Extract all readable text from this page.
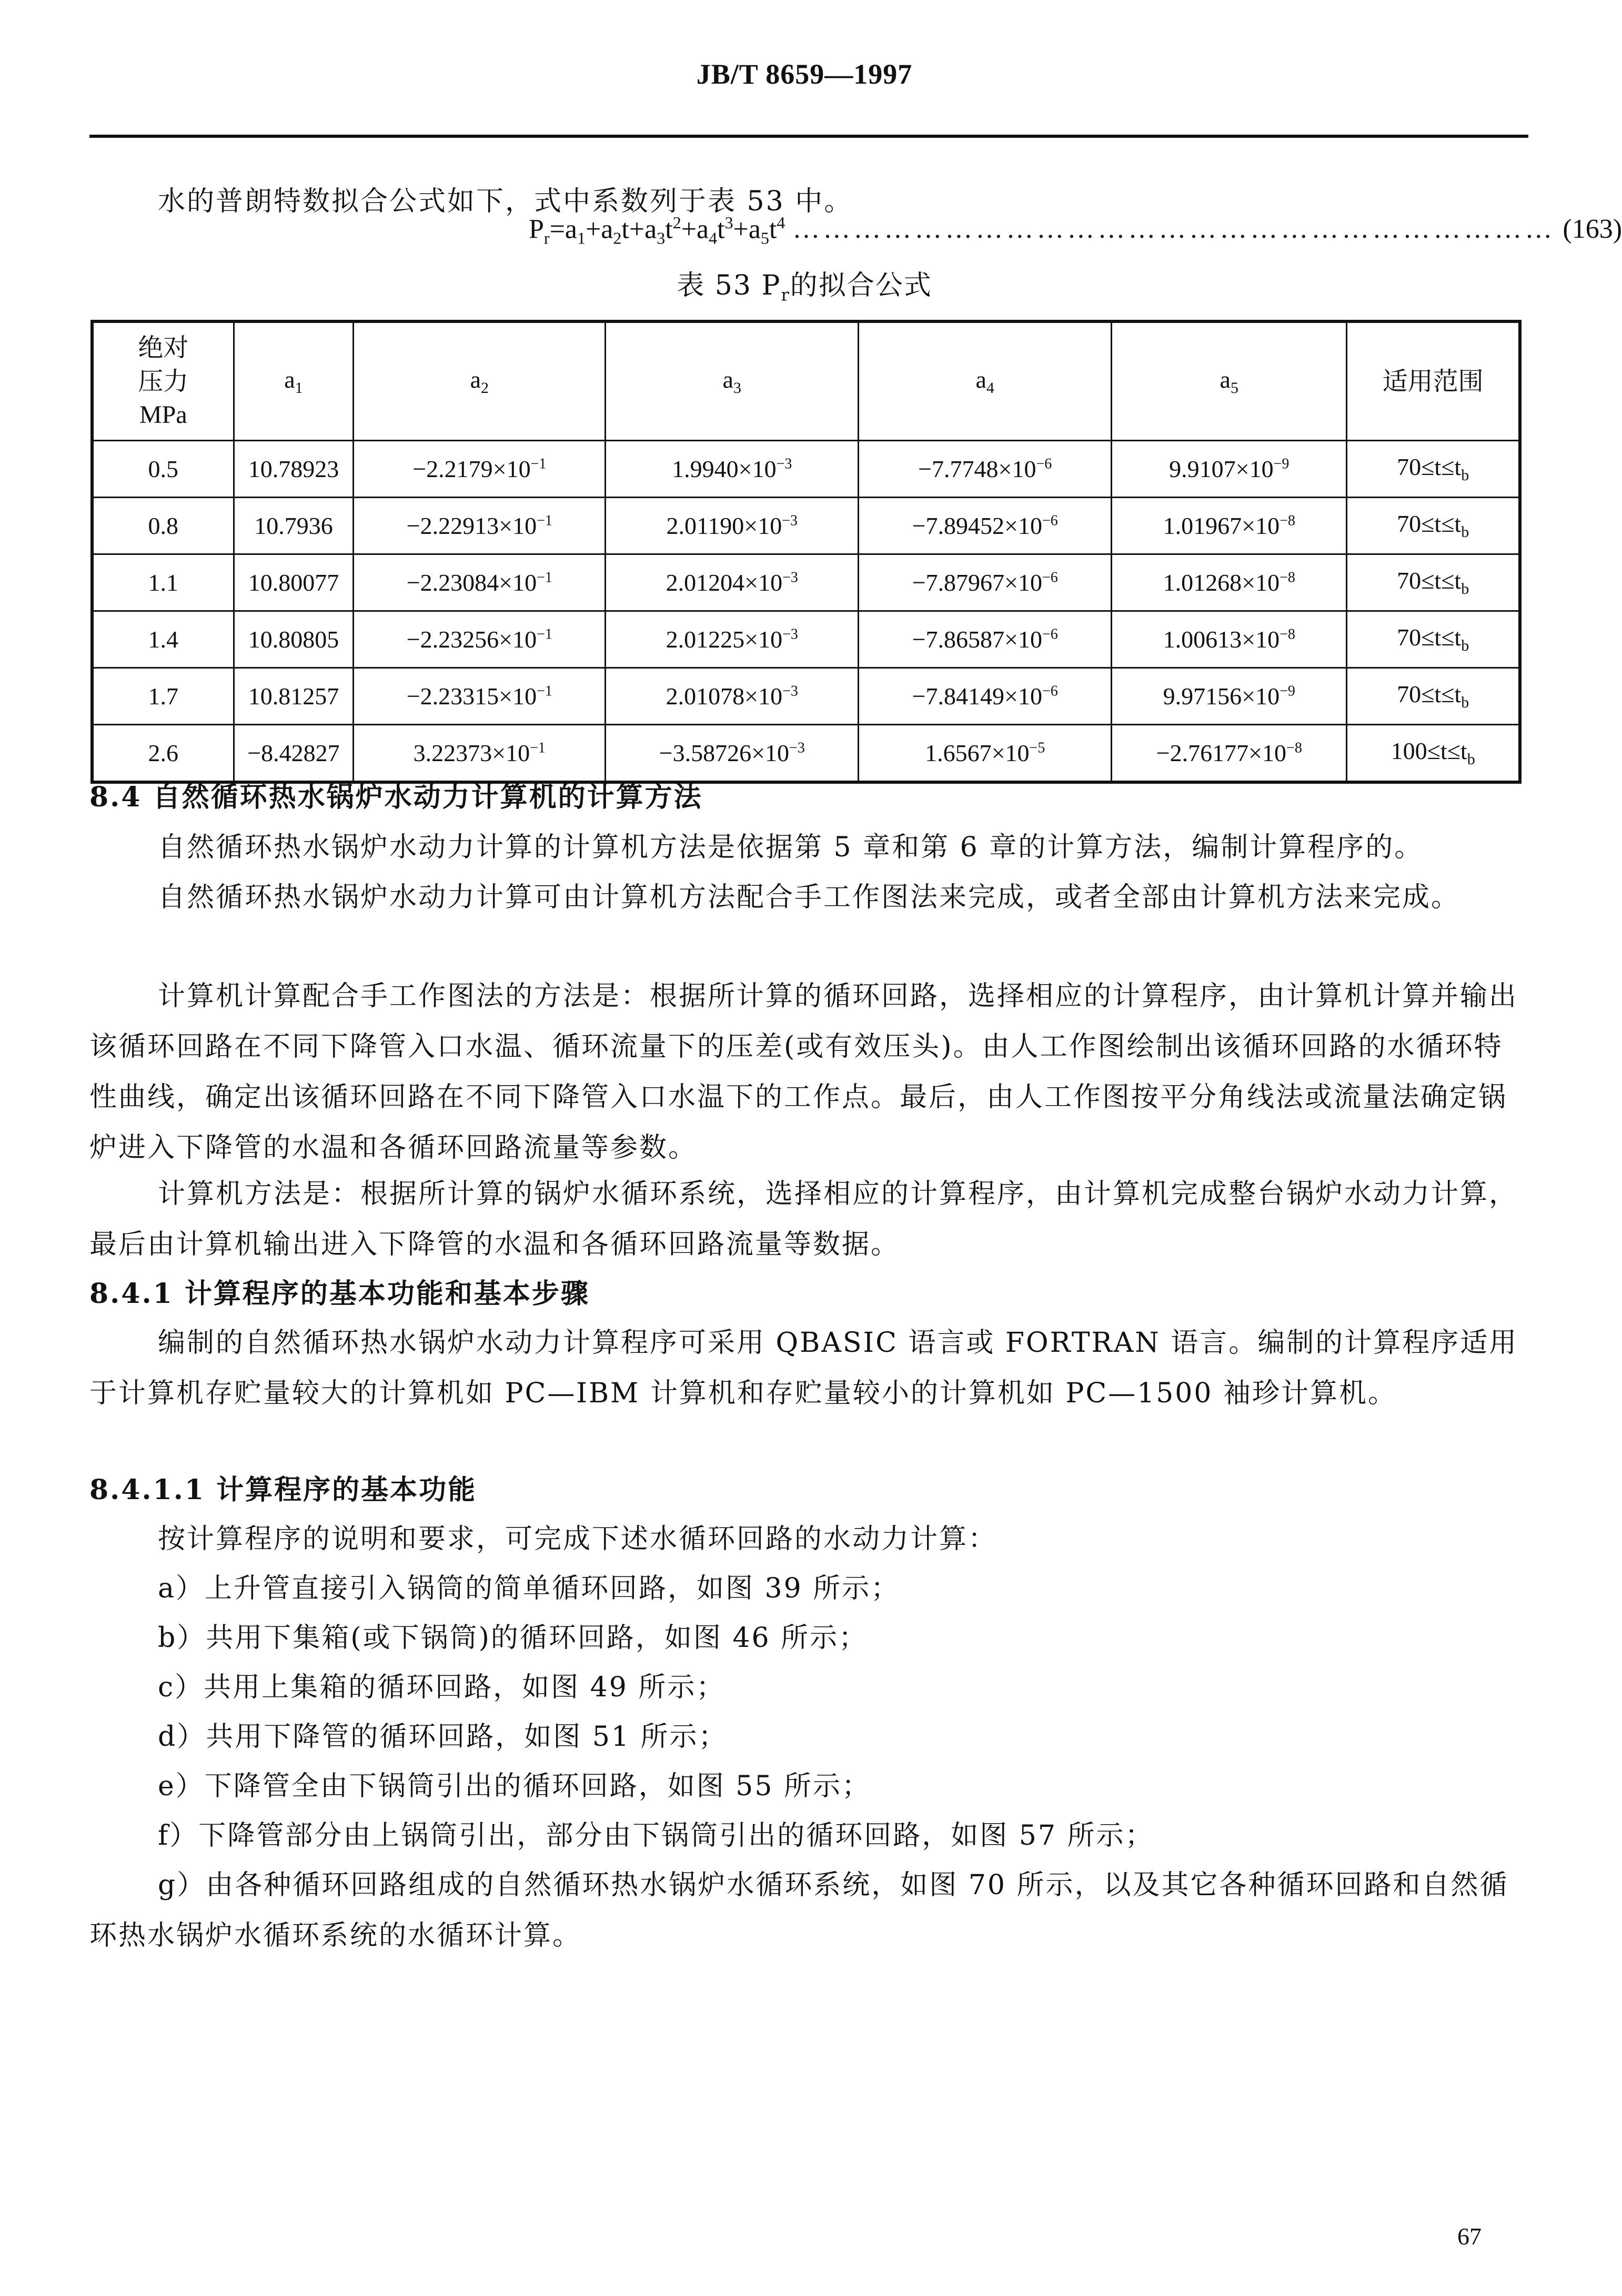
JB/T 8659—1997
水的普朗特数拟合公式如下，式中系数列于表 53 中。
$P_r=a_1+a_2t+a_3t^2+a_4t^3+a_5t^4$ ………………………………………………………………… (163)
表 53 $P_r$的拟合公式
绝对
压力
MPa	$a_1$	$a_2$	$a_3$	$a_4$	$a_5$	适用范围
0.5	10.78923	$-2.2179\times 10^{-1}$	$1.9940\times 10^{-3}$	$-7.7748\times 10^{-6}$	$9.9107\times 10^{-9}$	$70\le t\le t_b$
0.8	10.7936	$-2.22913\times 10^{-1}$	$2.01190\times 10^{-3}$	$-7.89452\times 10^{-6}$	$1.01967\times 10^{-8}$	$70\le t\le t_b$
1.1	10.80077	$-2.23084\times 10^{-1}$	$2.01204\times 10^{-3}$	$-7.87967\times 10^{-6}$	$1.01268\times 10^{-8}$	$70\le t\le t_b$
1.4	10.80805	$-2.23256\times 10^{-1}$	$2.01225\times 10^{-3}$	$-7.86587\times 10^{-6}$	$1.00613\times 10^{-8}$	$70\le t\le t_b$
1.7	10.81257	$-2.23315\times 10^{-1}$	$2.01078\times 10^{-3}$	$-7.84149\times 10^{-6}$	$9.97156\times 10^{-9}$	$70\le t\le t_b$
2.6	−8.42827	$3.22373\times 10^{-1}$	$-3.58726\times 10^{-3}$	$1.6567\times 10^{-5}$	$-2.76177\times 10^{-8}$	$100\le t\le t_b$
8.4 自然循环热水锅炉水动力计算机的计算方法
自然循环热水锅炉水动力计算的计算机方法是依据第 5 章和第 6 章的计算方法，编制计算程序的。
自然循环热水锅炉水动力计算可由计算机方法配合手工作图法来完成，或者全部由计算机方法来完成。
计算机计算配合手工作图法的方法是：根据所计算的循环回路，选择相应的计算程序，由计算机计算并输出该循环回路在不同下降管入口水温、循环流量下的压差(或有效压头)。由人工作图绘制出该循环回路的水循环特性曲线，确定出该循环回路在不同下降管入口水温下的工作点。最后，由人工作图按平分角线法或流量法确定锅炉进入下降管的水温和各循环回路流量等参数。
计算机方法是：根据所计算的锅炉水循环系统，选择相应的计算程序，由计算机完成整台锅炉水动力计算，最后由计算机输出进入下降管的水温和各循环回路流量等数据。
8.4.1 计算程序的基本功能和基本步骤
编制的自然循环热水锅炉水动力计算程序可采用 QBASIC 语言或 FORTRAN 语言。编制的计算程序适用于计算机存贮量较大的计算机如 PC—IBM 计算机和存贮量较小的计算机如 PC—1500 袖珍计算机。
8.4.1.1 计算程序的基本功能
按计算程序的说明和要求，可完成下述水循环回路的水动力计算：
a）上升管直接引入锅筒的简单循环回路，如图 39 所示；
b）共用下集箱(或下锅筒)的循环回路，如图 46 所示；
c）共用上集箱的循环回路，如图 49 所示；
d）共用下降管的循环回路，如图 51 所示；
e）下降管全由下锅筒引出的循环回路，如图 55 所示；
f）下降管部分由上锅筒引出，部分由下锅筒引出的循环回路，如图 57 所示；
g）由各种循环回路组成的自然循环热水锅炉水循环系统，如图 70 所示，以及其它各种循环回路和自然循环热水锅炉水循环系统的水循环计算。
67
